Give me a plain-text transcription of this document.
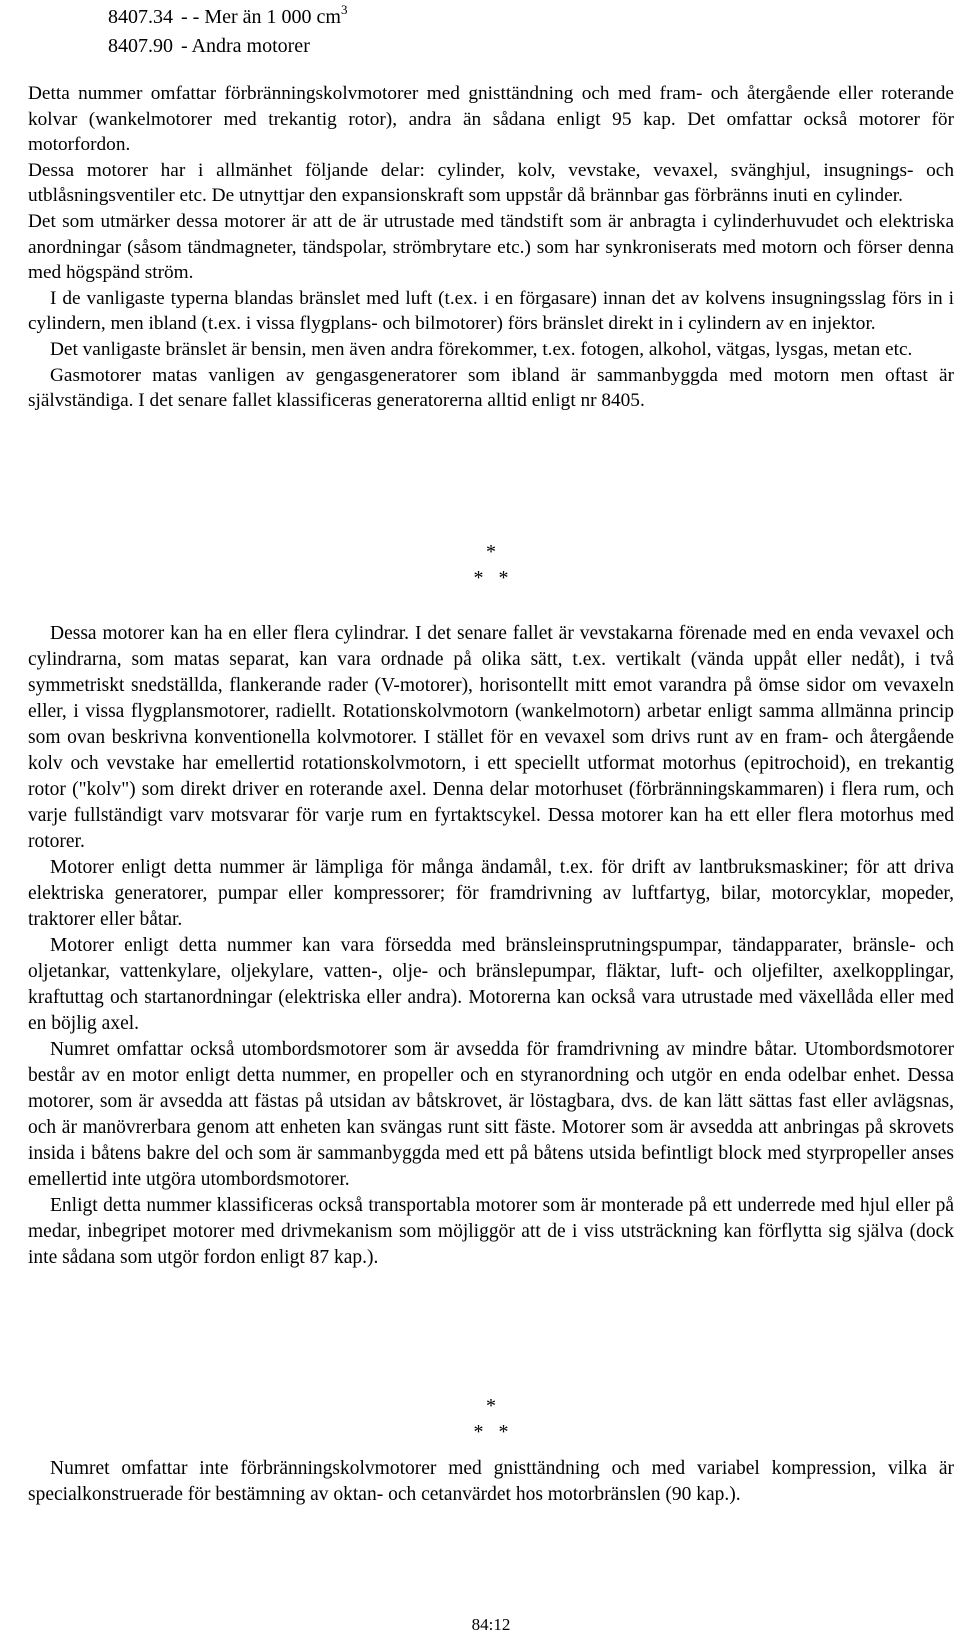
8407.34 - - Mer än 1 000 $cm^3$
8407.90 - Andra motorer

Detta nummer omfattar förbränningskolvmotorer med gnisttändning och med fram- och återgående eller roterande kolvar (wankelmotorer med trekantig rotor), andra än sådana enligt 95 kap. Det omfattar också motorer för motorfordon.

Dessa motorer har i allmänhet följande delar: cylinder, kolv, vevstake, vevaxel, svänghjul, insugnings- och utblåsningsventiler etc. De utnyttjar den expansionskraft som uppstår då brännbar gas förbränns inuti en cylinder.

Det som utmärker dessa motorer är att de är utrustade med tändstift som är anbragta i cylinderhuvudet och elektriska anordningar (såsom tändmagneter, tändspolar, strömbrytare etc.) som har synkroniserats med motorn och förser denna med högspänd ström.

I de vanligaste typerna blandas bränslet med luft (t.ex. i en förgasare) innan det av kolvens insugningsslag förs in i cylindern, men ibland (t.ex. i vissa flygplans- och bilmotorer) förs bränslet direkt in i cylindern av en injektor.

Det vanligaste bränslet är bensin, men även andra förekommer, t.ex. fotogen, alkohol, vätgas, lysgas, metan etc.

Gasmotorer matas vanligen av gengasgeneratorer som ibland är sammanbyggda med motorn men oftast är självständiga. I det senare fallet klassificeras generatorerna alltid enligt nr 8405.

*
*   *

Dessa motorer kan ha en eller flera cylindrar. I det senare fallet är vevstakarna förenade med en enda vevaxel och cylindrarna, som matas separat, kan vara ordnade på olika sätt, t.ex. vertikalt (vända uppåt eller nedåt), i två symmetriskt snedställda, flankerande rader (V-motorer), horisontellt mitt emot varandra på ömse sidor om vevaxeln eller, i vissa flygplansmotorer, radiellt. Rotationskolvmotorn (wankelmotorn) arbetar enligt samma allmänna princip som ovan beskrivna konventionella kolvmotorer. I stället för en vevaxel som drivs runt av en fram- och återgående kolv och vevstake har emellertid rotationskolvmotorn, i ett speciellt utformat motorhus (epitrochoid), en trekantig rotor ("kolv") som direkt driver en roterande axel. Denna delar motorhuset (förbränningskammaren) i flera rum, och varje fullständigt varv motsvarar för varje rum en fyrtaktscykel. Dessa motorer kan ha ett eller flera motorhus med rotorer.

Motorer enligt detta nummer är lämpliga för många ändamål, t.ex. för drift av lantbruksmaskiner; för att driva elektriska generatorer, pumpar eller kompressorer; för framdrivning av luftfartyg, bilar, motorcyklar, mopeder, traktorer eller båtar.

Motorer enligt detta nummer kan vara försedda med bränsleinsprutningspumpar, tändapparater, bränsle- och oljetankar, vattenkylare, oljekylare, vatten-, olje- och bränslepumpar, fläktar, luft- och oljefilter, axelkopplingar, kraftuttag och startanordningar (elektriska eller andra). Motorerna kan också vara utrustade med växellåda eller med en böjlig axel.

Numret omfattar också utombordsmotorer som är avsedda för framdrivning av mindre båtar. Utombordsmotorer består av en motor enligt detta nummer, en propeller och en styranordning och utgör en enda odelbar enhet. Dessa motorer, som är avsedda att fästas på utsidan av båtskrovet, är löstagbara, dvs. de kan lätt sättas fast eller avlägsnas, och är manövrerbara genom att enheten kan svängas runt sitt fäste. Motorer som är avsedda att anbringas på skrovets insida i båtens bakre del och som är sammanbyggda med ett på båtens utsida befintligt block med styrpropeller anses emellertid inte utgöra utombordsmotorer.

Enligt detta nummer klassificeras också transportabla motorer som är monterade på ett underrede med hjul eller på medar, inbegripet motorer med drivmekanism som möjliggör att de i viss utsträckning kan förflytta sig själva (dock inte sådana som utgör fordon enligt 87 kap.).

*
*   *

Numret omfattar inte förbränningskolvmotorer med gnisttändning och med variabel kompression, vilka är specialkonstruerade för bestämning av oktan- och cetanvärdet hos motorbränslen (90 kap.).

84:12
